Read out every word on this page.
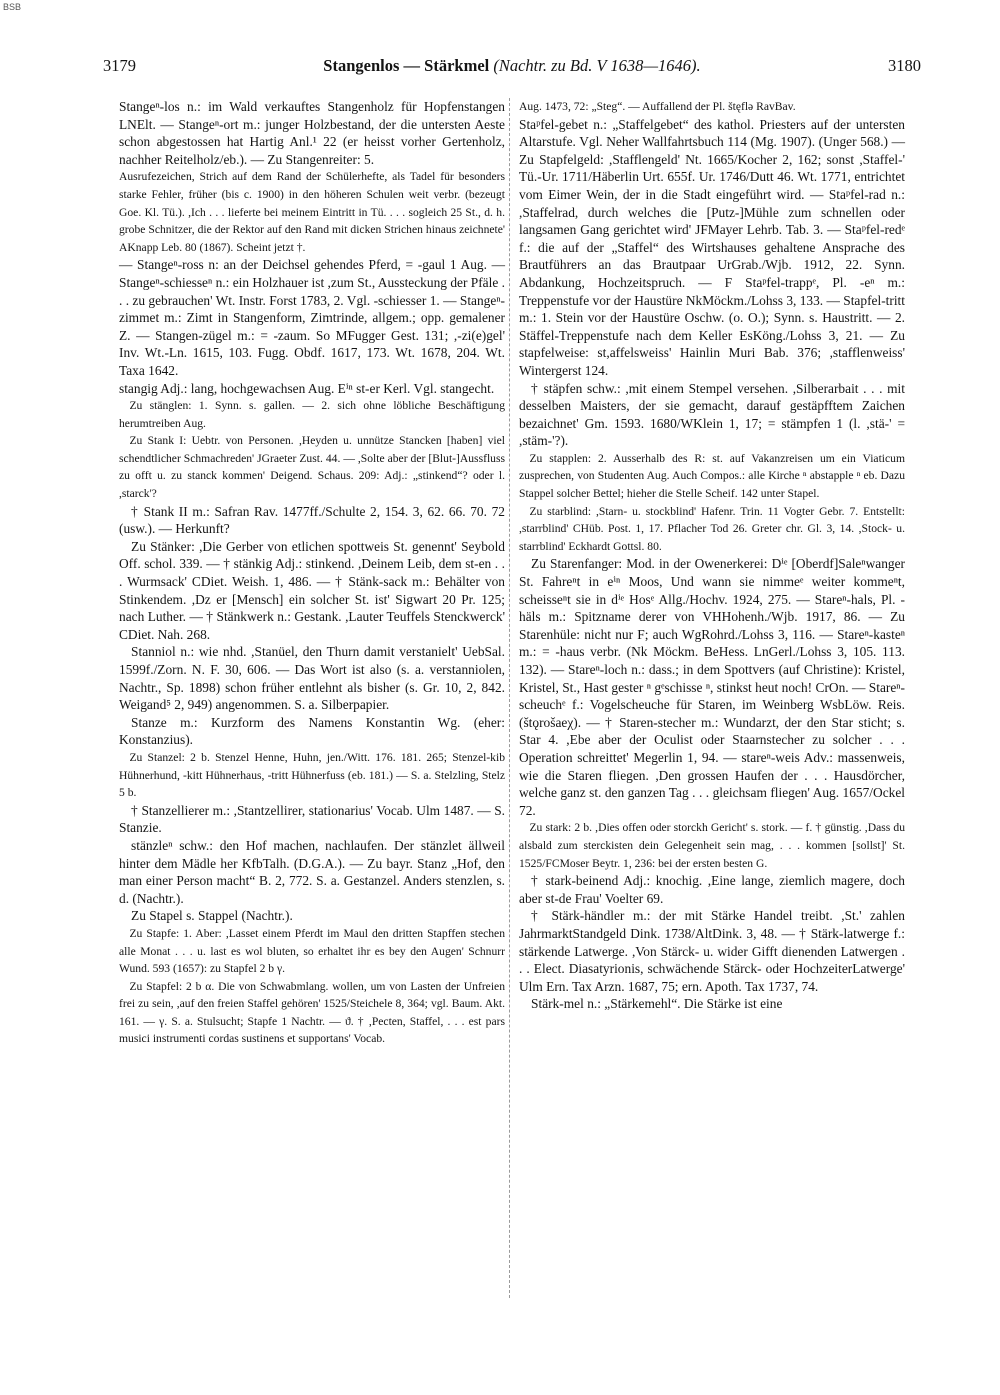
BSB
3179	Stangenlos — Stärkmel (Nachtr. zu Bd. V 1638—1646).	3180

Stangeⁿ-los n.: im Wald verkauftes Stangenholz für Hopfenstangen LNElt. — Stangeⁿ-ort m.: junger Holzbestand, der die untersten Aeste schon abgestossen hat Hartig Anl.¹ 22 (er heisst vorher Gertenholz, nachher Reitelholz/eb.). — Zu Stangenreiter: 5.

Ausrufezeichen, Strich auf dem Rand der Schülerhefte, als Tadel für besonders starke Fehler, früher (bis c. 1900) in den höheren Schulen weit verbr. (bezeugt Goe. Kl. Tü.). ,Ich . . . lieferte bei meinem Eintritt in Tü. . . . sogleich 25 St., d. h. grobe Schnitzer, die der Rektor auf den Rand mit dicken Strichen hinaus zeichnete' AKnapp Leb. 80 (1867). Scheint jetzt †.

— Stangeⁿ-ross n: an der Deichsel gehendes Pferd, = -gaul 1 Aug. — Stangeⁿ-schiesseⁿ n.: ein Holzhauer ist ,zum St., Aussteckung der Pfäle . . . zu gebrauchen' Wt. Instr. Forst 1783, 2. Vgl. -schiesser 1. — Stangeⁿ-zimmet m.: Zimt in Stangenform, Zimtrinde, allgem.; opp. gemalener Z. — Stangen-zügel m.: = -zaum. So MFugger Gest. 131; ,-zi(e)gel' Inv. Wt.-Ln. 1615, 103. Fugg. Obdf. 1617, 173. Wt. 1678, 204. Wt. Taxa 1642.

stangig Adj.: lang, hochgewachsen Aug. Eⁱⁿ st-er Kerl. Vgl. stangecht.

Zu stänglen: 1. Synn. s. gallen. — 2. sich ohne löbliche Beschäftigung herumtreiben Aug.

Zu Stank I: Uebtr. von Personen. ,Heyden u. unnütze Stancken [haben] viel schendtlicher Schmachreden' JGraeter Zust. 44. — ,Solte aber der [Blut-]Aussfluss zu offt u. zu stanck kommen' Deigend. Schaus. 209: Adj.: „stinkend“? oder l. ,starck'?

† Stank II m.: Safran Rav. 1477ff./Schulte 2, 154. 3, 62. 66. 70. 72 (usw.). — Herkunft?

Zu Stänker: ,Die Gerber von etlichen spottweis St. genennt' Seybold Off. schol. 339. — † stänkig Adj.: stinkend. ,Deinem Leib, dem st-en . . . Wurmsack' CDiet. Weish. 1, 486. — † Stänk-sack m.: Behälter von Stinkendem. ,Dz er [Mensch] ein solcher St. ist' Sigwart 20 Pr. 125; nach Luther. — † Stänkwerk n.: Gestank. ,Lauter Teuffels Stenckwerck' CDiet. Nah. 268.

Stanniol n.: wie nhd. ,Stanüel, den Thurn damit verstanielt' UebSal. 1599f./Zorn. N. F. 30, 606. — Das Wort ist also (s. a. verstanniolen, Nachtr., Sp. 1898) schon früher entlehnt als bisher (s. Gr. 10, 2, 842. Weigand⁵ 2, 949) angenommen. S. a. Silberpapier.

Stanze m.: Kurzform des Namens Konstantin Wg. (eher: Konstanzius).

Zu Stanzel: 2 b. Stenzel Henne, Huhn, jen./Witt. 176. 181. 265; Stenzel-kib Hühnerhund, -kitt Hühnerhaus, -tritt Hühnerfuss (eb. 181.) — S. a. Stelzling, Stelz 5 b.

† Stanzellierer m.: ,Stantzellirer, stationarius' Vocab. Ulm 1487. — S. Stanzie.

stänzleⁿ schw.: den Hof machen, nachlaufen. Der stänzlet ällweil hinter dem Mädle her KfbTalh. (D.G.A.). — Zu bayr. Stanz „Hof, den man einer Person macht“ B. 2, 772. S. a. Gestanzel. Anders stenzlen, s. d. (Nachtr.).

Zu Stapel s. Stappel (Nachtr.).

Zu Stapfe: 1. Aber: ,Lasset einem Pferdt im Maul den dritten Stapffen stechen alle Monat . . . u. last es wol bluten, so erhaltet ihr es bey den Augen' Schnurr Wund. 593 (1657): zu Stapfel 2 b γ.

Zu Stapfel: 2 b α. Die von Schwabmlang. wollen, um von Lasten der Unfreien frei zu sein, ,auf den freien Staffel gehören' 1525/Steichele 8, 364; vgl. Baum. Akt. 161. — γ. S. a. Stulsucht; Stapfe 1 Nachtr. — ϑ. † ,Pecten, Staffel, . . . est pars musici instrumenti cordas sustinens et supportans' Vocab.

Aug. 1473, 72: „Steg“. — Auffallend der Pl. štęflə RavBav.

Staᵖfel-gebet n.: „Staffelgebet“ des kathol. Priesters auf der untersten Altarstufe. Vgl. Neher Wallfahrtsbuch 114 (Mg. 1907). (Unger 568.) — Zu Stapfelgeld: ,Stafflengeld' Nt. 1665/Kocher 2, 162; sonst ,Staffel-' Tü.-Ur. 1711/Häberlin Urt. 655f. Ur. 1746/Dutt 46. Wt. 1771, entrichtet vom Eimer Wein, der in die Stadt eingeführt wird. — Staᵖfel-rad n.: ,Staffelrad, durch welches die [Putz-]Mühle zum schnellen oder langsamen Gang gerichtet wird' JFMayer Lehrb. Tab. 3. — Staᵖfel-redᵉ f.: die auf der „Staffel“ des Wirtshauses gehaltene Ansprache des Brautführers an das Brautpaar UrGrab./Wjb. 1912, 22. Synn. Abdankung, Hochzeitspruch. — F Staᵖfel-trappᵉ, Pl. -eⁿ m.: Treppenstufe vor der Haustüre NkMöckm./Lohss 3, 133. — Stapfel-tritt m.: 1. Stein vor der Haustüre Oschw. (o. O.); Synn. s. Haustritt. — 2. Stäffel-Treppenstufe nach dem Keller EsKöng./Lohss 3, 21. — Zu stapfelweise: st,affelsweiss' Hainlin Muri Bab. 376; ,stafflenweiss' Wintergerst 124.

† stäpfen schw.: ,mit einem Stempel versehen. ,Silberarbait . . . mit desselben Maisters, der sie gemacht, darauf gestäpfftem Zaichen bezaichnet' Gm. 1593. 1680/WKlein 1, 17; = stämpfen 1 (l. ,stä-' = ,stäm-'?).

Zu stapplen: 2. Ausserhalb des R: st. auf Vakanzreisen um ein Viaticum zusprechen, von Studenten Aug. Auch Compos.: alle Kirche ⁿ abstapple ⁿ eb. Dazu Stappel solcher Bettel; hieher die Stelle Scheif. 142 unter Stapel.

Zu starblind: ,Starn- u. stockblind' Hafenr. Trin. 11 Vogter Gebr. 7. Entstellt: ,starrblind' CHüb. Post. 1, 17. Pflacher Tod 26. Greter chr. Gl. 3, 14. ,Stock- u. starrblind' Eckhardt Gottsl. 80.

Zu Starenfanger: Mod. in der Owenerkerei: Dⁱᵉ [Oberdf]Saleⁿwanger St. Fahreⁿt in eⁱⁿ Moos, Und wann sie nimmeᵉ weiter kommeⁿt, scheisseⁿt sie in dⁱᵉ Hosᵉ Allg./Hochv. 1924, 275. — Stareⁿ-hals, Pl. -häls m.: Spitzname derer von VHHohenh./Wjb. 1917, 86. — Zu Starenhüle: nicht nur F; auch WgRohrd./Lohss 3, 116. — Stareⁿ-kasteⁿ m.: = -haus verbr. (Nk Möckm. BeHess. LnGerl./Lohss 3, 105. 113. 132). — Stareⁿ-loch n.: dass.; in dem Spottvers (auf Christine): Kristel, Kristel, St., Hast gester ⁿ gᵉschisse ⁿ, stinkst heut noch! CrOn. — Stareⁿ-scheuchᵉ f.: Vogelscheuche für Staren, im Weinberg WsbLöw. Reis. (štǫrošaeχ). — † Staren-stecher m.: Wundarzt, der den Star sticht; s. Star 4. ,Ebe aber der Oculist oder Staarnstecher zu solcher . . . Operation schreittet' Megerlin 1, 94. — stareⁿ-weis Adv.: massenweis, wie die Staren fliegen. ,Den grossen Haufen der . . . Hausdörcher, welche ganz st. den ganzen Tag . . . gleichsam fliegen' Aug. 1657/Ockel 72.

Zu stark: 2 b. ,Dies offen oder storckh Gericht' s. stork. — f. † günstig. ,Dass du alsbald zum sterckisten dein Gelegenheit sein mag, . . . kommen [sollst]' St. 1525/FCMoser Beytr. 1, 236: bei der ersten besten G.

† stark-beinend Adj.: knochig. ,Eine lange, ziemlich magere, doch aber st-de Frau' Voelter 69.

† Stärk-händler m.: der mit Stärke Handel treibt. ,St.' zahlen JahrmarktStandgeld Dink. 1738/AltDink. 3, 48. — † Stärk-latwerge f.: stärkende Latwerge. ,Von Stärck- u. wider Gifft dienenden Latwergen . . . Elect. Diasatyrionis, schwächende Stärck- oder HochzeiterLatwerge' Ulm Ern. Tax Arzn. 1687, 75; ern. Apoth. Tax 1737, 74.

Stärk-mel n.: „Stärkemehl“. Die Stärke ist eine
